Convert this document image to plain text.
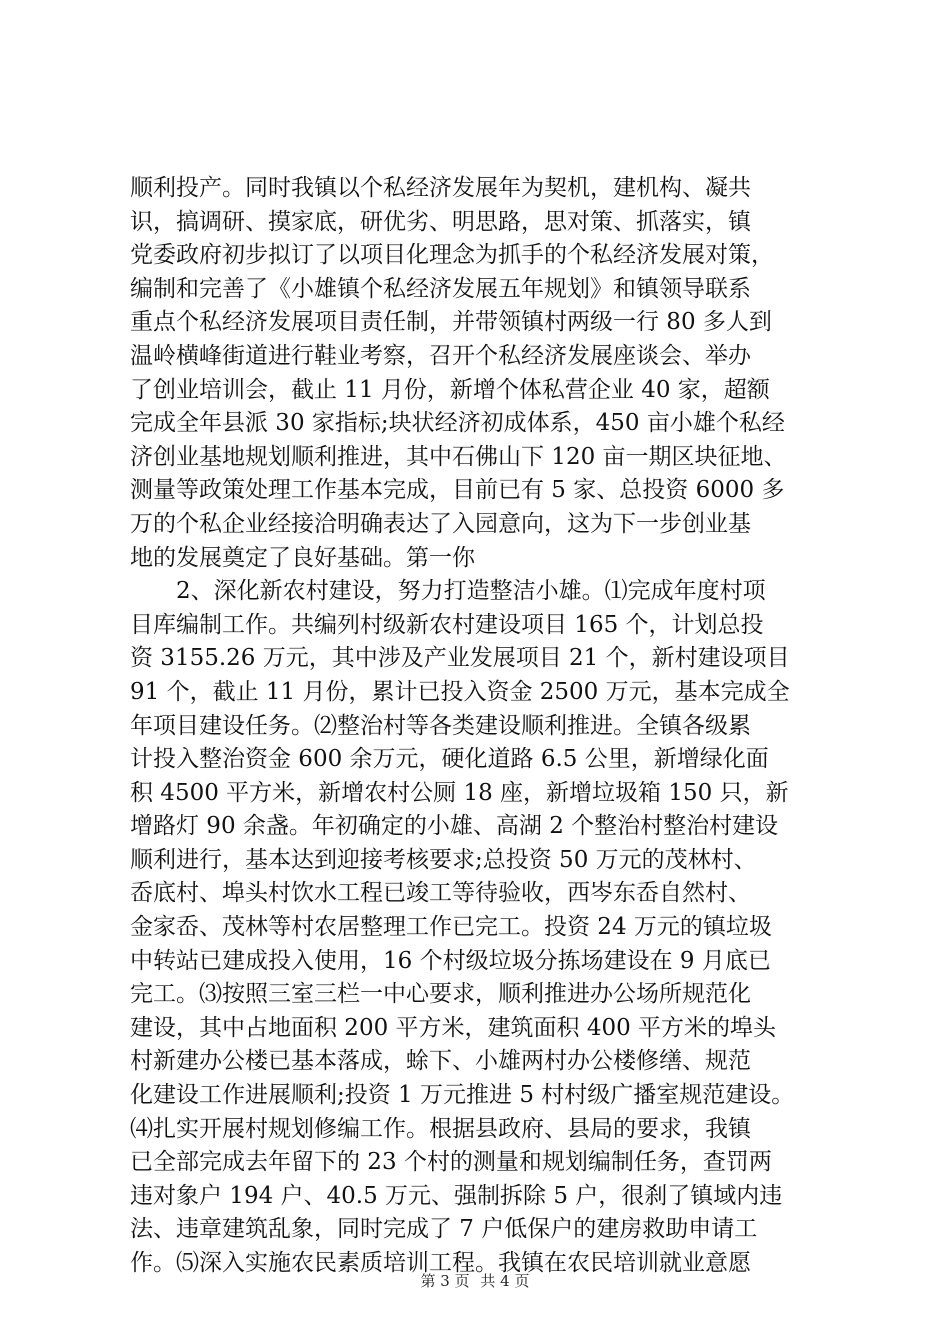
顺利投产。同时我镇以个私经济发展年为契机，建机构、凝共
识，搞调研、摸家底，研优劣、明思路，思对策、抓落实，镇
党委政府初步拟订了以项目化理念为抓手的个私经济发展对策，
编制和完善了《小雄镇个私经济发展五年规划》和镇领导联系
重点个私经济发展项目责任制，并带领镇村两级一行 80 多人到
温岭横峰街道进行鞋业考察，召开个私经济发展座谈会、举办
了创业培训会，截止 11 月份，新增个体私营企业 40 家，超额
完成全年县派 30 家指标;块状经济初成体系，450 亩小雄个私经
济创业基地规划顺利推进，其中石佛山下 120 亩一期区块征地、
测量等政策处理工作基本完成，目前已有 5 家、总投资 6000 多
万的个私企业经接洽明确表达了入园意向，这为下一步创业基
地的发展奠定了良好基础。第一你
2、深化新农村建设，努力打造整洁小雄。⑴完成年度村项
目库编制工作。共编列村级新农村建设项目 165 个，计划总投
资 3155.26 万元，其中涉及产业发展项目 21 个，新村建设项目
91 个，截止 11 月份，累计已投入资金 2500 万元，基本完成全
年项目建设任务。⑵整治村等各类建设顺利推进。全镇各级累
计投入整治资金 600 余万元，硬化道路 6.5 公里，新增绿化面
积 4500 平方米，新增农村公厕 18 座，新增垃圾箱 150 只，新
增路灯 90 余盏。年初确定的小雄、高湖 2 个整治村整治村建设
顺利进行，基本达到迎接考核要求;总投资 50 万元的茂林村、
岙底村、埠头村饮水工程已竣工等待验收，西岑东岙自然村、
金家岙、茂林等村农居整理工作已完工。投资 24 万元的镇垃圾
中转站已建成投入使用，16 个村级垃圾分拣场建设在 9 月底已
完工。⑶按照三室三栏一中心要求，顺利推进办公场所规范化
建设，其中占地面积 200 平方米，建筑面积 400 平方米的埠头
村新建办公楼已基本落成，蜍下、小雄两村办公楼修缮、规范
化建设工作进展顺利;投资 1 万元推进 5 村村级广播室规范建设。
⑷扎实开展村规划修编工作。根据县政府、县局的要求，我镇
已全部完成去年留下的 23 个村的测量和规划编制任务，查罚两
违对象户 194 户、40.5 万元、强制拆除 5 户，很刹了镇域内违
法、违章建筑乱象，同时完成了 7 户低保户的建房救助申请工
作。⑸深入实施农民素质培训工程。我镇在农民培训就业意愿
第 3 页 共 4 页
